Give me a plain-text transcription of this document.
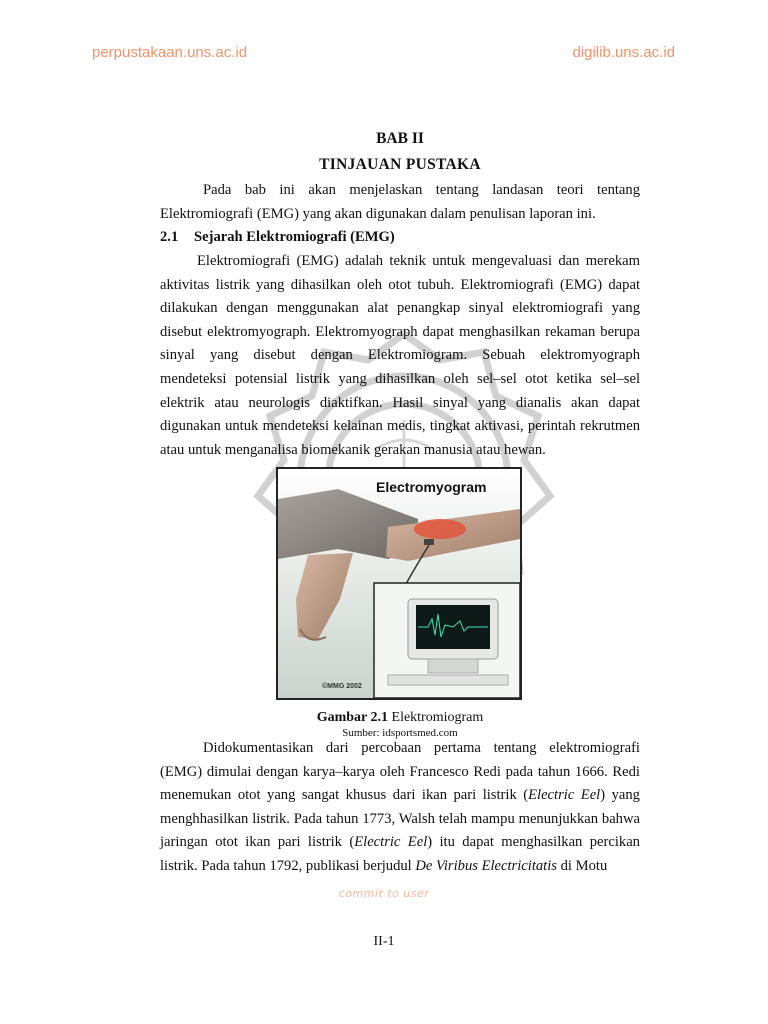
perpustakaan.uns.ac.id	digilib.uns.ac.id
BAB II
TINJAUAN PUSTAKA
Pada bab ini akan menjelaskan tentang landasan teori tentang Elektromiografi (EMG) yang akan digunakan dalam penulisan laporan ini.
2.1 Sejarah Elektromiografi (EMG)
Elektromiografi (EMG) adalah teknik untuk mengevaluasi dan merekam aktivitas listrik yang dihasilkan oleh otot tubuh. Elektromiografi (EMG) dapat dilakukan dengan menggunakan alat penangkap sinyal elektromiografi yang disebut elektromyograph. Elektromyograph dapat menghasilkan rekaman berupa sinyal yang disebut dengan Elektromiogram. Sebuah elektromyograph mendeteksi potensial listrik yang dihasilkan oleh sel–sel otot ketika sel–sel elektrik atau neurologis diaktifkan. Hasil sinyal yang dianalis akan dapat digunakan untuk mendeteksi kelainan medis, tingkat aktivasi, perintah rekrutmen atau untuk menganalisa biomekanik gerakan manusia atau hewan.
Electromyogram
©MMG 2002
Gambar 2.1 Elektromiogram
Sumber: idsportsmed.com
Didokumentasikan dari percobaan pertama tentang elektromiografi (EMG) dimulai dengan karya–karya oleh Francesco Redi pada tahun 1666. Redi menemukan otot yang sangat khusus dari ikan pari listrik (Electric Eel) yang menghhasilkan listrik. Pada tahun 1773, Walsh telah mampu menunjukkan bahwa jaringan otot ikan pari listrik (Electric Eel) itu dapat menghasilkan percikan listrik. Pada tahun 1792, publikasi berjudul De Viribus Electricitatis di Motu
commit to user
II-1
